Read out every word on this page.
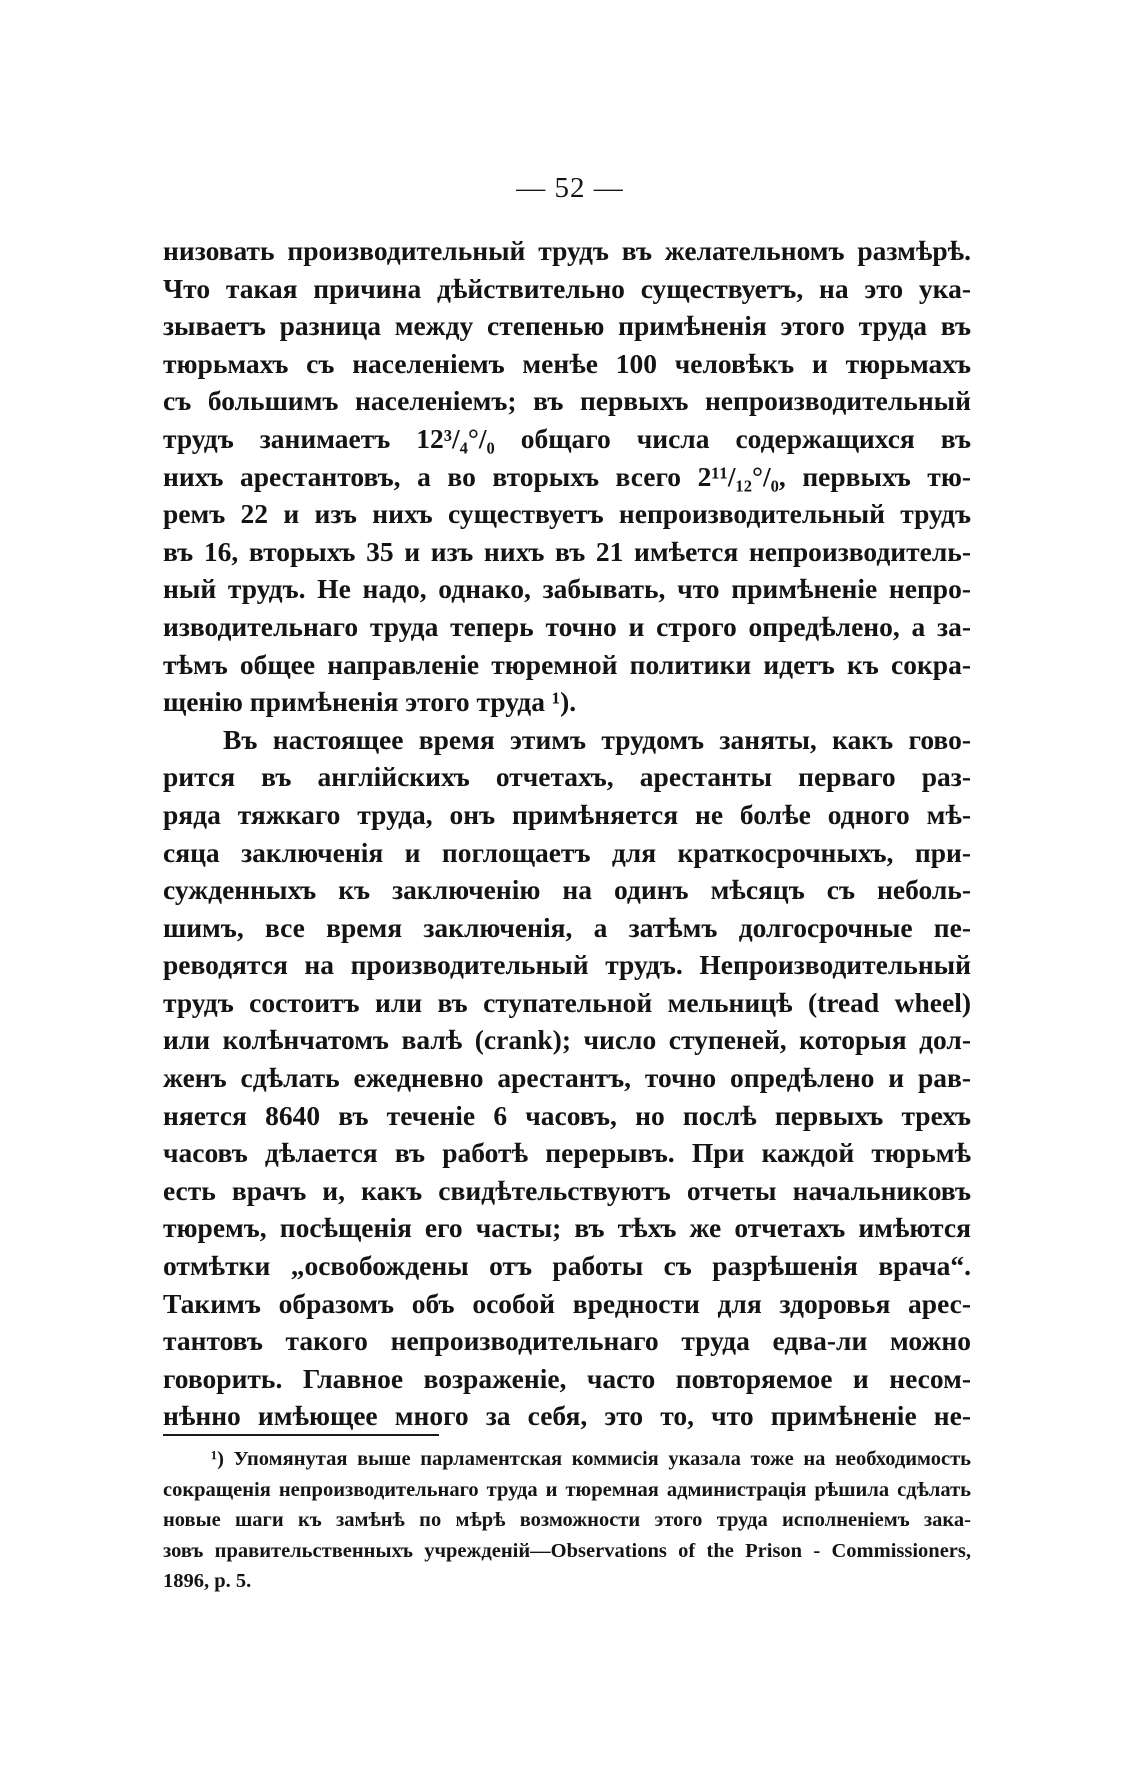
— 52 —
низовать производительный трудъ въ желательномъ размѣрѣ.
Что такая причина дѣйствительно существуетъ, на это ука-
зываетъ разница между степенью примѣненія этого труда въ
тюрьмахъ съ населеніемъ менѣе 100 человѣкъ и тюрьмахъ
съ большимъ населеніемъ; въ первыхъ непроизводительный
трудъ занимаетъ 12³/₄°/₀ общаго числа содержащихся въ
нихъ арестантовъ, а во вторыхъ всего 2¹¹/₁₂°/₀, первыхъ тю-
ремъ 22 и изъ нихъ существуетъ непроизводительный трудъ
въ 16, вторыхъ 35 и изъ нихъ въ 21 имѣется непроизводитель-
ный трудъ. Не надо, однако, забывать, что примѣненіе непро-
изводительнаго труда теперь точно и строго опредѣлено, а за-
тѣмъ общее направленіе тюремной политики идетъ къ сокра-
щенію примѣненія этого труда ¹).
Въ настоящее время этимъ трудомъ заняты, какъ гово-
рится въ англійскихъ отчетахъ, арестанты перваго раз-
ряда тяжкаго труда, онъ примѣняется не болѣе одного мѣ-
сяца заключенія и поглощаетъ для краткосрочныхъ, при-
сужденныхъ къ заключенію на одинъ мѣсяцъ съ неболь-
шимъ, все время заключенія, а затѣмъ долгосрочные пе-
реводятся на производительный трудъ. Непроизводительный
трудъ состоитъ или въ ступательной мельницѣ (tread wheel)
или колѣнчатомъ валѣ (crank); число ступеней, которыя дол-
женъ сдѣлать ежедневно арестантъ, точно опредѣлено и рав-
няется 8640 въ теченіе 6 часовъ, но послѣ первыхъ трехъ
часовъ дѣлается въ работѣ перерывъ. При каждой тюрьмѣ
есть врачъ и, какъ свидѣтельствуютъ отчеты начальниковъ
тюремъ, посѣщенія его часты; въ тѣхъ же отчетахъ имѣются
отмѣтки „освобождены отъ работы съ разрѣшенія врача“.
Такимъ образомъ объ особой вредности для здоровья арес-
тантовъ такого непроизводительнаго труда едва-ли можно
говорить. Главное возраженіе, часто повторяемое и несом-
нѣнно имѣющее много за себя, это то, что примѣненіе не-
¹) Упомянутая выше парламентская коммисія указала тоже на необходимость
сокращенія непроизводительнаго труда и тюремная администрація рѣшила сдѣлать
новые шаги къ замѣнѣ по мѣрѣ возможности этого труда исполненіемъ зака-
зовъ правительственныхъ учрежденій—Observations of the Prison - Commissioners,
1896, p. 5.
